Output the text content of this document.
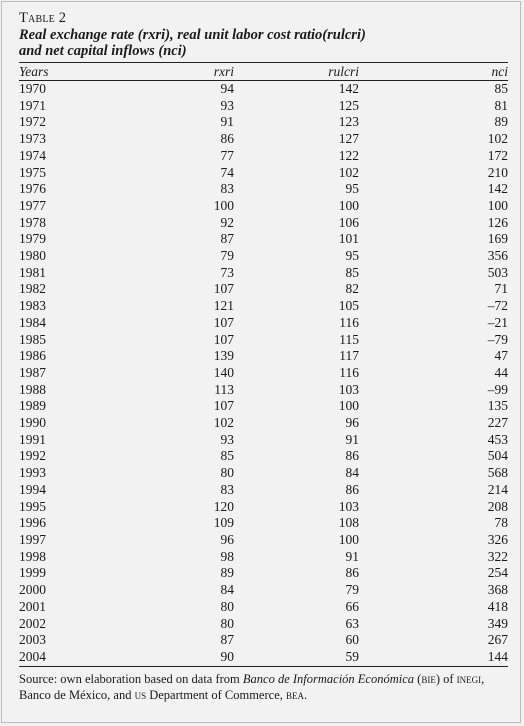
Table 2
Real exchange rate (rxri), real unit labor cost ratio(rulcri)
and net capital inflows (nci)
Years	rxri	rulcri	nci
1970	94	142	85
1971	93	125	81
1972	91	123	89
1973	86	127	102
1974	77	122	172
1975	74	102	210
1976	83	95	142
1977	100	100	100
1978	92	106	126
1979	87	101	169
1980	79	95	356
1981	73	85	503
1982	107	82	71
1983	121	105	–72
1984	107	116	–21
1985	107	115	–79
1986	139	117	47
1987	140	116	44
1988	113	103	–99
1989	107	100	135
1990	102	96	227
1991	93	91	453
1992	85	86	504
1993	80	84	568
1994	83	86	214
1995	120	103	208
1996	109	108	78
1997	96	100	326
1998	98	91	322
1999	89	86	254
2000	84	79	368
2001	80	66	418
2002	80	63	349
2003	87	60	267
2004	90	59	144
Source: own elaboration based on data from Banco de Información Económica (bie) of inegi,
Banco de México, and us Department of Commerce, bea.
